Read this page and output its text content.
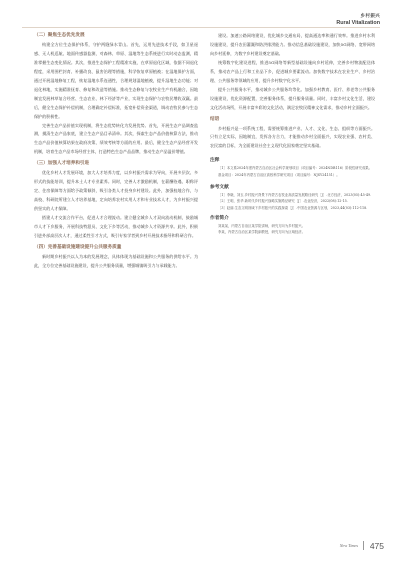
乡村振兴
Rural Vitalization
（二）聚焦生态优先发展

构建全方位生态保护体系，守护两缝绿水青山。首先，运用先进技术手段，如卫星遥感、无人机巡航、地面传感器监测，对森林、草原、湿地等生态系统进行实时动态监测，精准掌握生态变化情况。其次，推进生态保护工程精准实施，在草原退化区域，依据不同退化程度，采用围栏封育、补播改良、鼠害治理等措施，科学恢复草原植被；在湿地保护方面，通过开展湿地修复工程，恢复湿地水系连通性，合理规划湿地植被，提升湿地生态功能；对退化林地，实施精准抚育、修复和改造等措施。推动生态修复与农牧业生产有机融合，因地制宜发展林草复合经营、生态农业、林下经济等产业，实现生态保护与农牧民增收双赢。最后，健全生态保护补偿机制，合理确定补偿标准，拓宽补偿资金渠道，调动农牧民参与生态保护的积极性。

完善生态产品价值实现机制，将生态优势转化为发展优势。首先，开展生态产品调查监测，摸清生态产品家底，建立生态产品目录清单。其次，探索生态产品价值核算方法，推动生态产品价值核算结果在政府决策、绩效考核等方面的应用。最后，健全生态产品经营开发机制，培育生态产品市场经营主体，打造特色生态产品品牌，推动生态产品溢价增值。

（三）加强人才培养和引进

优化乡村人才发展环境，加大人才培养力度，以乡村振兴需求为导向，开展多层次、多形式的技能培训，提升本土人才专业素养。同时，完善人才激励机制，在薪酬待遇、职称评定、住房保障等方面给予政策倾斜，吸引各类人才投身乡村建设。此外，加强校地合作，与高校、科研院所建立人才培养基地，定向培养农村实用人才和专业技术人才，为乡村振兴提供坚实的人才保障。

搭建人才交流合作平台，促进人才合理流动。建立健全城乡人才双向流动机制，鼓励城市人才下乡服务，开展科技特派员、文化下乡等活动，推动城乡人才资源共享。此外，积极引进外部高层次人才，通过柔性引才方式，吸引专家学者到乡村开展技术指导和科研合作。

（四）完善基础设施建设提升公共服务质量

新时期乡村振兴以人为本的发展理念，具体体现为基础设施和公共服务的供给水平。为此，全方位完善基础设施建设，提升公共服务质量，增强城镇吸引力与承载能力。

建设。加速公路网络建设，优化城乡交通布局，提高通达率和通行效率。推进乡村水利设施建设，提升农田灌溉和防洪排涝能力。推动信息基础设施建设，加快5G网络、宽带网络向乡村延伸，为数字乡村建设奠定基础。

统筹数字化建设进程，推进5G网络等新型基础设施向乡村延伸，完善乡村物流配送体系，推动农产品上行和工业品下乡，促进城乡要素流动。加快数字技术在农业生产、乡村治理、公共服务等领域的应用，提升乡村数字化水平。

提升公共服务水平，推动城乡公共服务均等化。加强乡村教育、医疗、养老等公共服务设施建设，优化资源配置，完善服务体系，提升服务质量。同时，丰富乡村文化生活，建设文化活动场所，开展丰富多彩的文化活动，满足农牧民精神文化需求，推动乡村全面振兴。

结语

乡村振兴是一项系统工程，需要统筹推进产业、人才、文化、生态、组织等方面振兴。只有立足实际，因地制宜，发挥各方合力，才能推动乡村全面振兴，实现农业强、农村美、农民富的目标，为全面建设社会主义现代化国家奠定坚实基础。

注释

［1］本文系2024年度内蒙古自治区社会科学规划项目（项目编号：2024NDB116）阶段性研究成果。

基金项目：2024年内蒙古自治区高校科学研究项目（项目编号：NJSY24151）。

参考文献

［1］李晓，刘玉.乡村振兴背景下内蒙古农牧业高质量发展路径研究［J］.北方经济，2023(05):45-49.

［2］王明，张华.新时代乡村振兴战略实施路径研究［J］.农业经济，2022(08):12-15.

［3］赵丽.生态文明视域下乡村振兴的实践探索［J］.中国农业资源与区划，2023,44(03):112-118.

作者简介

刘某某，内蒙古自治区某学院讲师，研究方向为乡村振兴。

李某，内蒙古自治区某学院副教授，研究方向为区域经济。

New Times 475
